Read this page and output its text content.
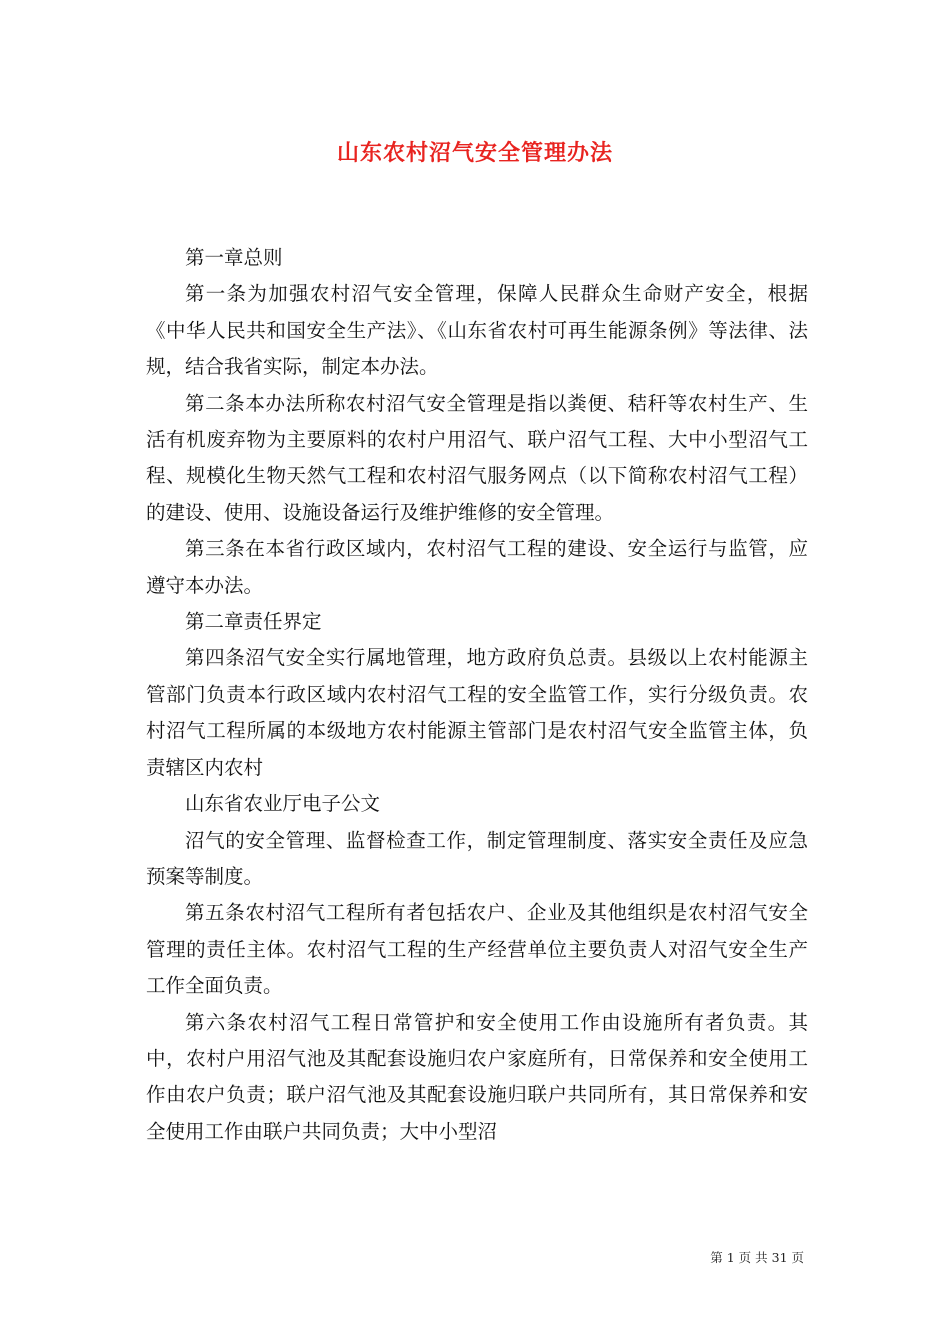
山东农村沼气安全管理办法

第一章总则

第一条为加强农村沼气安全管理，保障人民群众生命财产安全，根据《中华人民共和国安全生产法》、《山东省农村可再生能源条例》等法律、法规，结合我省实际，制定本办法。

第二条本办法所称农村沼气安全管理是指以粪便、秸秆等农村生产、生活有机废弃物为主要原料的农村户用沼气、联户沼气工程、大中小型沼气工程、规模化生物天然气工程和农村沼气服务网点（以下简称农村沼气工程）的建设、使用、设施设备运行及维护维修的安全管理。

第三条在本省行政区域内，农村沼气工程的建设、安全运行与监管，应遵守本办法。

第二章责任界定

第四条沼气安全实行属地管理，地方政府负总责。县级以上农村能源主管部门负责本行政区域内农村沼气工程的安全监管工作，实行分级负责。农村沼气工程所属的本级地方农村能源主管部门是农村沼气安全监管主体，负责辖区内农村

山东省农业厅电子公文

沼气的安全管理、监督检查工作，制定管理制度、落实安全责任及应急预案等制度。

第五条农村沼气工程所有者包括农户、企业及其他组织是农村沼气安全管理的责任主体。农村沼气工程的生产经营单位主要负责人对沼气安全生产工作全面负责。

第六条农村沼气工程日常管护和安全使用工作由设施所有者负责。其中，农村户用沼气池及其配套设施归农户家庭所有，日常保养和安全使用工作由农户负责；联户沼气池及其配套设施归联户共同所有，其日常保养和安全使用工作由联户共同负责；大中小型沼

第 1 页 共 31 页
